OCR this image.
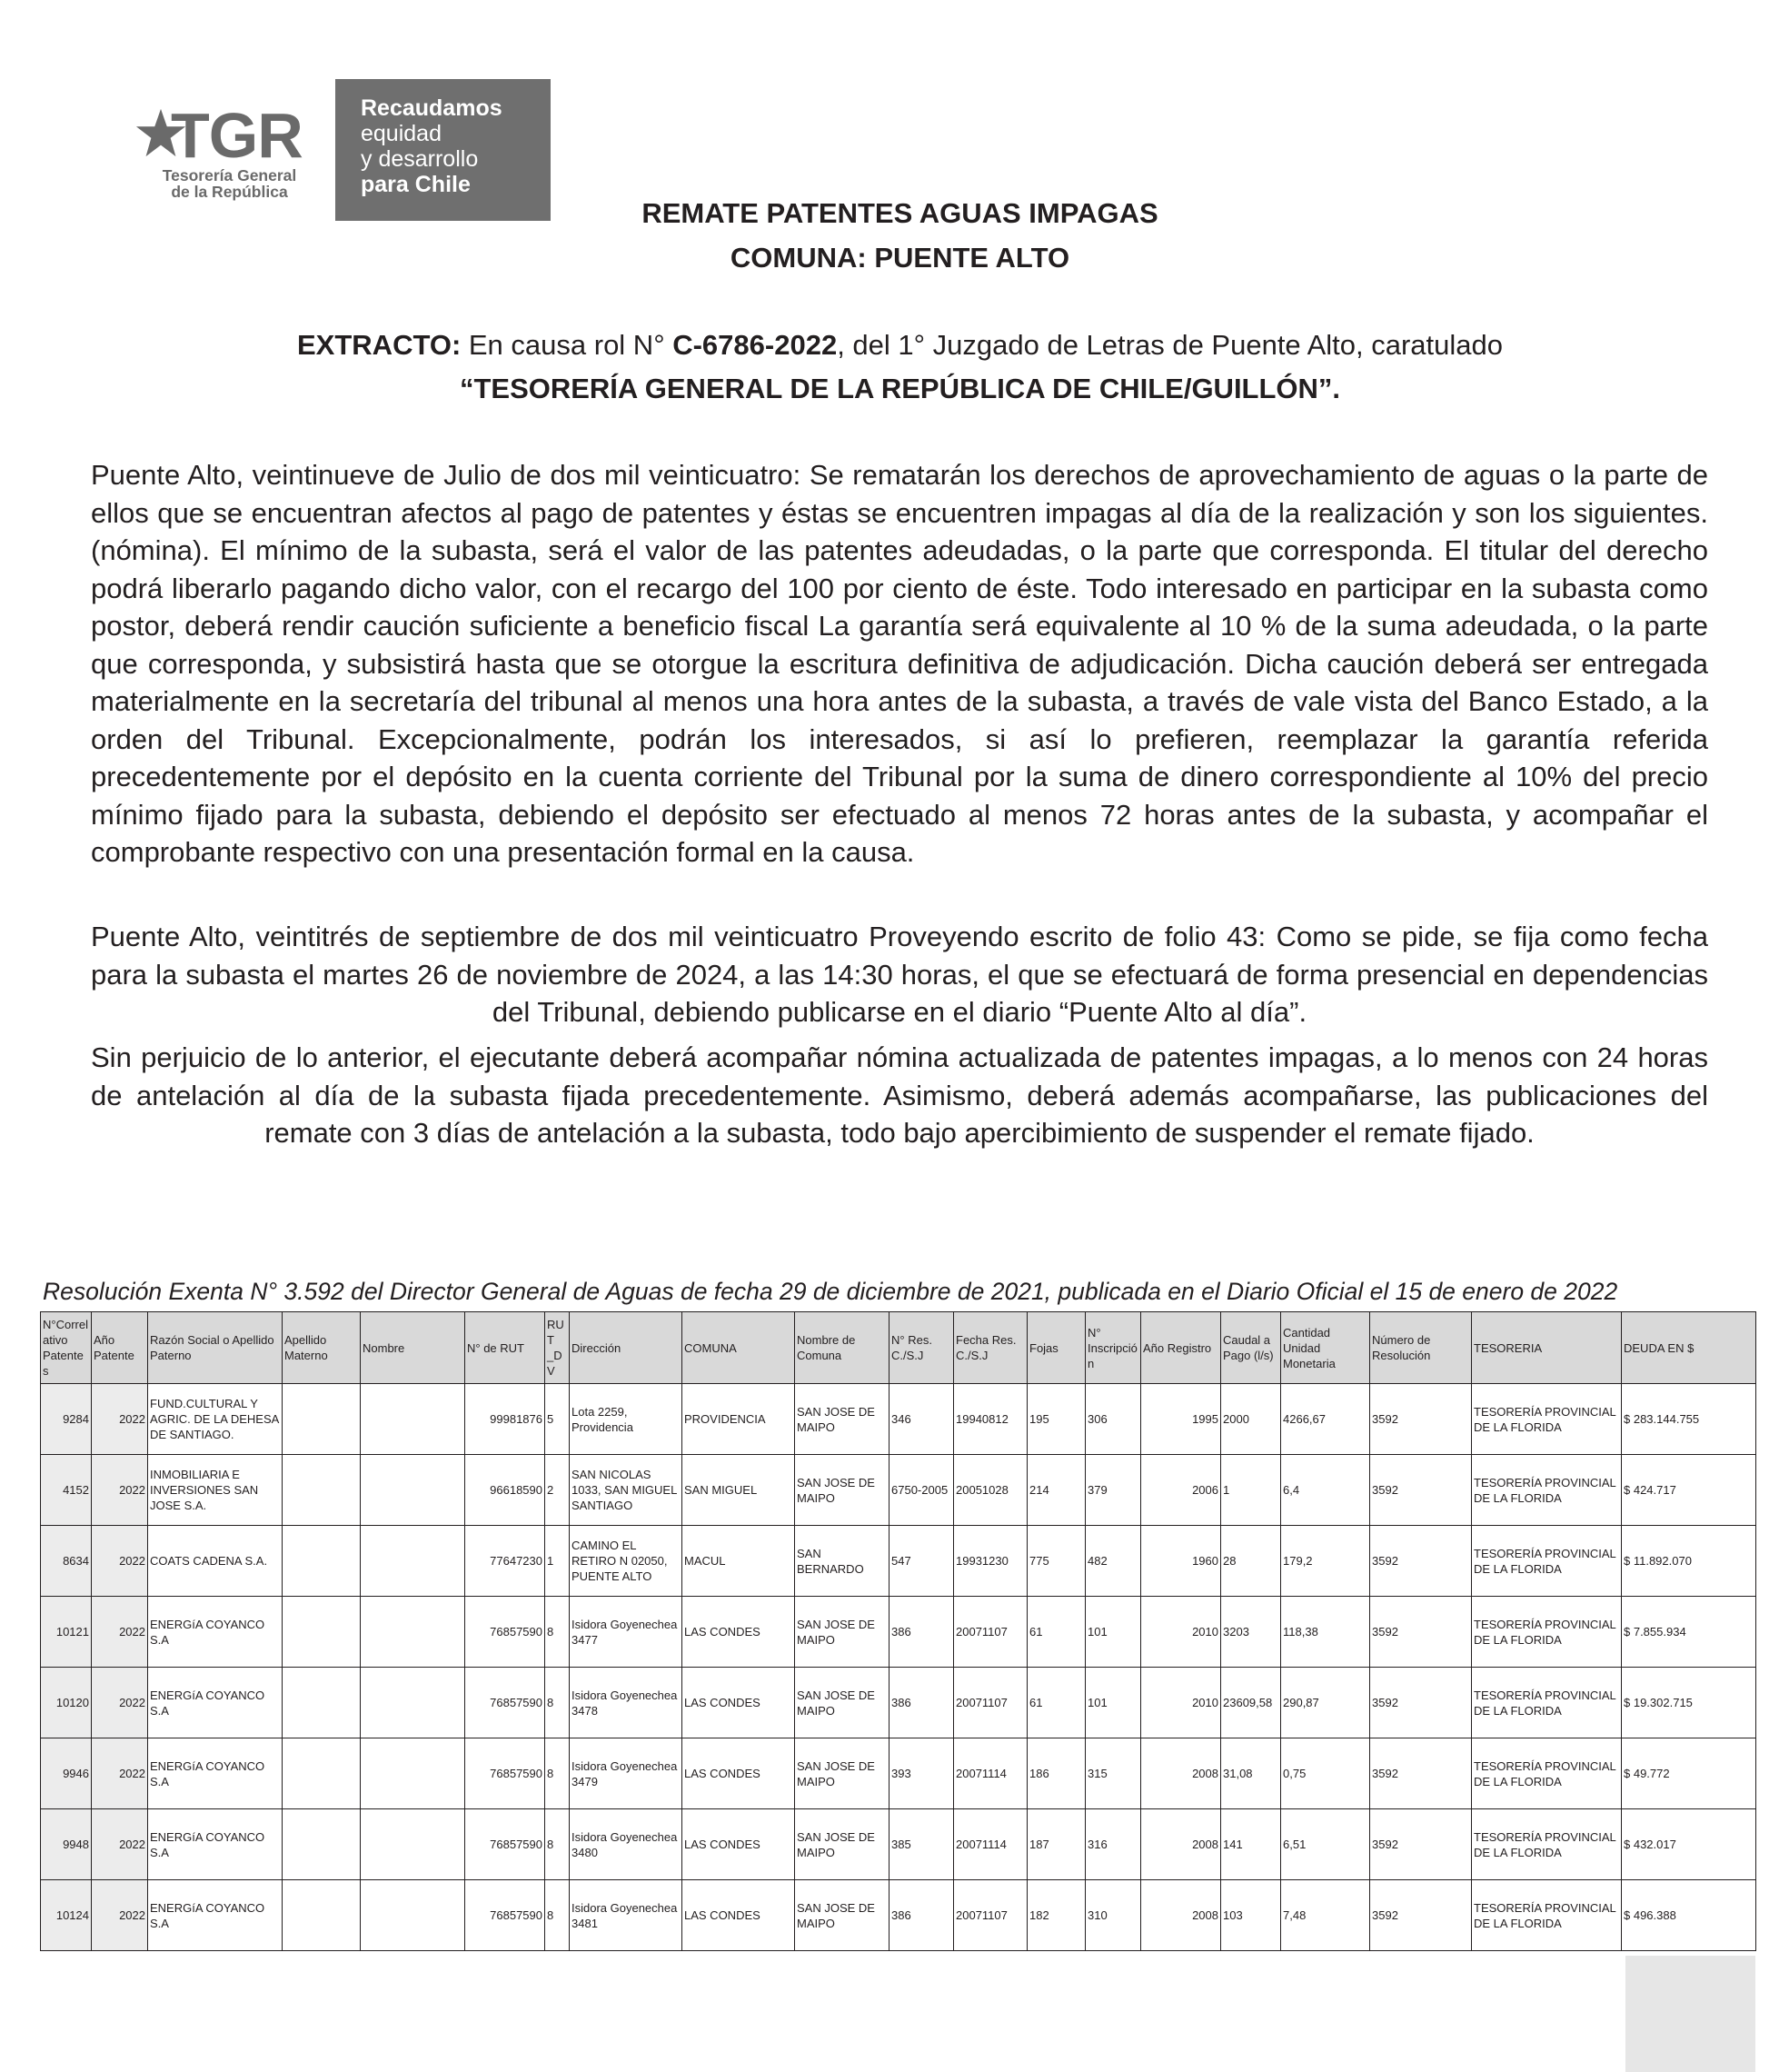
TGR
Tesorería General
de la República
Recaudamos
equidad
y desarrollo
para Chile
REMATE PATENTES AGUAS IMPAGAS
COMUNA: PUENTE ALTO
EXTRACTO: En causa rol N° C-6786-2022, del 1° Juzgado de Letras de Puente Alto, caratulado
“TESORERÍA GENERAL DE LA REPÚBLICA DE CHILE/GUILLÓN”.
Puente Alto, veintinueve de Julio de dos mil veinticuatro: Se rematarán los derechos de aprovechamiento de aguas o la parte de ellos que se encuentran afectos al pago de patentes y éstas se encuentren impagas al día de la realización y son los siguientes. (nómina). El mínimo de la subasta, será el valor de las patentes adeudadas, o la parte que corresponda. El titular del derecho podrá liberarlo pagando dicho valor, con el recargo del 100 por ciento de éste. Todo interesado en participar en la subasta como postor, deberá rendir caución suficiente a beneficio fiscal La garantía será equivalente al 10 % de la suma adeudada, o la parte que corresponda, y subsistirá hasta que se otorgue la escritura definitiva de adjudicación. Dicha caución deberá ser entregada materialmente en la secretaría del tribunal al menos una hora antes de la subasta, a través de vale vista del Banco Estado, a la orden del Tribunal. Excepcionalmente, podrán los interesados, si así lo prefieren, reemplazar la garantía referida precedentemente por el depósito en la cuenta corriente del Tribunal por la suma de dinero correspondiente al 10% del precio mínimo fijado para la subasta, debiendo el depósito ser efectuado al menos 72 horas antes de la subasta, y acompañar el comprobante respectivo con una presentación formal en la causa.
Puente Alto, veintitrés de septiembre de dos mil veinticuatro Proveyendo escrito de folio 43: Como se pide, se fija como fecha para la subasta el martes 26 de noviembre de 2024, a las 14:30 horas, el que se efectuará de forma presencial en dependencias del Tribunal, debiendo publicarse en el diario “Puente Alto al día”.
Sin perjuicio de lo anterior, el ejecutante deberá acompañar nómina actualizada de patentes impagas, a lo menos con 24 horas de antelación al día de la subasta fijada precedentemente. Asimismo, deberá además acompañarse, las publicaciones del remate con 3 días de antelación a la subasta, todo bajo apercibimiento de suspender el remate fijado.
Resolución Exenta N° 3.592 del Director General de Aguas de fecha 29 de diciembre de 2021, publicada en el Diario Oficial el 15 de enero de 2022
N°Correlativo Patentes	Año Patente	Razón Social o Apellido Paterno	Apellido Materno	Nombre	N° de RUT	RUT _DV	Dirección	COMUNA	Nombre de Comuna	N° Res. C./S.J	Fecha Res. C./S.J	Fojas	N° Inscripción	Año Registro	Caudal a Pago (l/s)	Cantidad Unidad Monetaria	Número de Resolución	TESORERIA	DEUDA EN $
9284	2022	FUND.CULTURAL Y AGRIC. DE LA DEHESA DE SANTIAGO.			99981876	5	Lota 2259, Providencia	PROVIDENCIA	SAN JOSE DE MAIPO	346	19940812	195	306	1995	2000	4266,67	3592	TESORERÍA PROVINCIAL DE LA FLORIDA	$ 283.144.755
4152	2022	INMOBILIARIA E INVERSIONES SAN JOSE S.A.			96618590	2	SAN NICOLAS 1033, SAN MIGUEL SANTIAGO	SAN MIGUEL	SAN JOSE DE MAIPO	6750-2005	20051028	214	379	2006	1	6,4	3592	TESORERÍA PROVINCIAL DE LA FLORIDA	$ 424.717
8634	2022	COATS CADENA S.A.			77647230	1	CAMINO EL RETIRO N 02050, PUENTE ALTO	MACUL	SAN BERNARDO	547	19931230	775	482	1960	28	179,2	3592	TESORERÍA PROVINCIAL DE LA FLORIDA	$ 11.892.070
10121	2022	ENERGíA COYANCO S.A			76857590	8	Isidora Goyenechea 3477	LAS CONDES	SAN JOSE DE MAIPO	386	20071107	61	101	2010	3203	118,38	3592	TESORERÍA PROVINCIAL DE LA FLORIDA	$ 7.855.934
10120	2022	ENERGíA COYANCO S.A			76857590	8	Isidora Goyenechea 3478	LAS CONDES	SAN JOSE DE MAIPO	386	20071107	61	101	2010	23609,58	290,87	3592	TESORERÍA PROVINCIAL DE LA FLORIDA	$ 19.302.715
9946	2022	ENERGíA COYANCO S.A			76857590	8	Isidora Goyenechea 3479	LAS CONDES	SAN JOSE DE MAIPO	393	20071114	186	315	2008	31,08	0,75	3592	TESORERÍA PROVINCIAL DE LA FLORIDA	$ 49.772
9948	2022	ENERGíA COYANCO S.A			76857590	8	Isidora Goyenechea 3480	LAS CONDES	SAN JOSE DE MAIPO	385	20071114	187	316	2008	141	6,51	3592	TESORERÍA PROVINCIAL DE LA FLORIDA	$ 432.017
10124	2022	ENERGíA COYANCO S.A			76857590	8	Isidora Goyenechea 3481	LAS CONDES	SAN JOSE DE MAIPO	386	20071107	182	310	2008	103	7,48	3592	TESORERÍA PROVINCIAL DE LA FLORIDA	$ 496.388
